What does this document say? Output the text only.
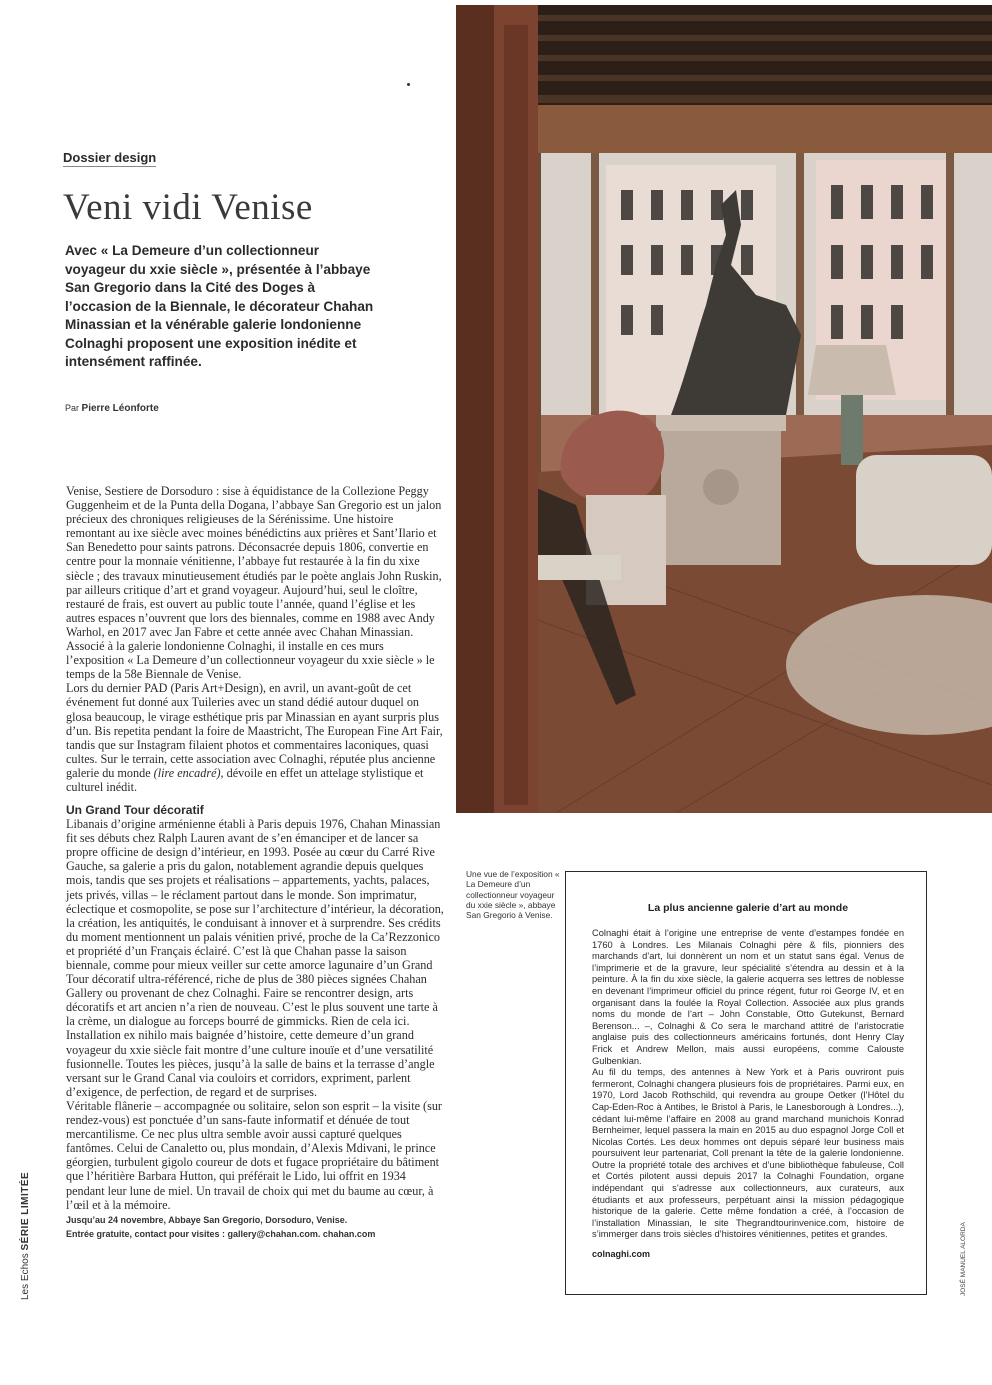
Dossier design
Veni vidi Venise
Avec « La Demeure d’un collectionneur voyageur du xxie siècle », présentée à l’abbaye San Gregorio dans la Cité des Doges à l’occasion de la Biennale, le décorateur Chahan Minassian et la vénérable galerie londonienne Colnaghi proposent une exposition inédite et intensément raffinée.
Par Pierre Léonforte

Venise, Sestiere de Dorsoduro : sise à équidistance de la Collezione Peggy Guggenheim et de la Punta della Dogana, l’abbaye San Gregorio est un jalon précieux des chroniques religieuses de la Sérénissime. Une histoire remontant au ixe siècle avec moines bénédictins aux prières et Sant’Ilario et San Benedetto pour saints patrons. Déconsacrée depuis 1806, convertie en centre pour la monnaie vénitienne, l’abbaye fut restaurée à la fin du xixe siècle ; des travaux minutieusement étudiés par le poète anglais John Ruskin, par ailleurs critique d’art et grand voyageur. Aujourd’hui, seul le cloître, restauré de frais, est ouvert au public toute l’année, quand l’église et les autres espaces n’ouvrent que lors des biennales, comme en 1988 avec Andy Warhol, en 2017 avec Jan Fabre et cette année avec Chahan Minassian. Associé à la galerie londonienne Colnaghi, il installe en ces murs l’exposition « La Demeure d’un collectionneur voyageur du xxie siècle » le temps de la 58e Biennale de Venise.

Lors du dernier PAD (Paris Art+Design), en avril, un avant-goût de cet événement fut donné aux Tuileries avec un stand dédié autour duquel on glosa beaucoup, le virage esthétique pris par Minassian en ayant surpris plus d’un. Bis repetita pendant la foire de Maastricht, The European Fine Art Fair, tandis que sur Instagram filaient photos et commentaires laconiques, quasi cultes. Sur le terrain, cette association avec Colnaghi, réputée plus ancienne galerie du monde (lire encadré), dévoile en effet un attelage stylistique et culturel inédit.

Un Grand Tour décoratif

Libanais d’origine arménienne établi à Paris depuis 1976, Chahan Minassian fit ses débuts chez Ralph Lauren avant de s’en émanciper et de lancer sa propre officine de design d’intérieur, en 1993. Posée au cœur du Carré Rive Gauche, sa galerie a pris du galon, notablement agrandie depuis quelques mois, tandis que ses projets et réalisations – appartements, yachts, palaces, jets privés, villas – le réclament partout dans le monde. Son imprimatur, éclectique et cosmopolite, se pose sur l’architecture d’intérieur, la décoration, la création, les antiquités, le conduisant à innover et à surprendre. Ses crédits du moment mentionnent un palais vénitien privé, proche de la Ca’Rezzonico et propriété d’un Français éclairé. C’est là que Chahan passe la saison biennale, comme pour mieux veiller sur cette amorce lagunaire d’un Grand Tour décoratif ultra-référencé, riche de plus de 380 pièces signées Chahan Gallery ou provenant de chez Colnaghi. Faire se rencontrer design, arts décoratifs et art ancien n’a rien de nouveau. C’est le plus souvent une tarte à la crème, un dialogue au forceps bourré de gimmicks. Rien de cela ici. Installation ex nihilo mais baignée d’histoire, cette demeure d’un grand voyageur du xxie siècle fait montre d’une culture inouïe et d’une versatilité fusionnelle. Toutes les pièces, jusqu’à la salle de bains et la terrasse d’angle versant sur le Grand Canal via couloirs et corridors, expriment, parlent d’exigence, de perfection, de regard et de surprises.

Véritable flânerie – accompagnée ou solitaire, selon son esprit – la visite (sur rendez-vous) est ponctuée d’un sans-faute informatif et dénuée de tout mercantilisme. Ce nec plus ultra semble avoir aussi capturé quelques fantômes. Celui de Canaletto ou, plus mondain, d’Alexis Mdivani, le prince géorgien, turbulent gigolo coureur de dots et fugace propriétaire du bâtiment que l’héritière Barbara Hutton, qui préférait le Lido, lui offrit en 1934 pendant leur lune de miel. Un travail de choix qui met du baume au cœur, à l’œil et à la mémoire.

Jusqu’au 24 novembre, Abbaye San Gregorio, Dorsoduro, Venise.

Entrée gratuite, contact pour visites : gallery@chahan.com. chahan.com

Une vue de l’exposition « La Demeure d’un collectionneur voyageur du xxie siècle », abbaye San Gregorio à Venise.

La plus ancienne galerie d’art au monde

Colnaghi était à l’origine une entreprise de vente d’estampes fondée en 1760 à Londres. Les Milanais Colnaghi père & fils, pionniers des marchands d’art, lui donnèrent un nom et un statut sans égal. Venus de l’imprimerie et de la gravure, leur spécialité s’étendra au dessin et à la peinture. À la fin du xixe siècle, la galerie acquerra ses lettres de noblesse en devenant l’imprimeur officiel du prince régent, futur roi George IV, et en organisant dans la foulée la Royal Collection. Associée aux plus grands noms du monde de l’art – John Constable, Otto Gutekunst, Bernard Berenson... –, Colnaghi & Co sera le marchand attitré de l’aristocratie anglaise puis des collectionneurs américains fortunés, dont Henry Clay Frick et Andrew Mellon, mais aussi européens, comme Calouste Gulbenkian.

Au fil du temps, des antennes à New York et à Paris ouvriront puis fermeront, Colnaghi changera plusieurs fois de propriétaires. Parmi eux, en 1970, Lord Jacob Rothschild, qui revendra au groupe Oetker (l’Hôtel du Cap-Eden-Roc à Antibes, le Bristol à Paris, le Lanesborough à Londres...), cédant lui-même l’affaire en 2008 au grand marchand munichois Konrad Bernheimer, lequel passera la main en 2015 au duo espagnol Jorge Coll et Nicolas Cortés. Les deux hommes ont depuis séparé leur business mais poursuivent leur partenariat, Coll prenant la tête de la galerie londonienne. Outre la propriété totale des archives et d’une bibliothèque fabuleuse, Coll et Cortés pilotent aussi depuis 2017 la Colnaghi Foundation, organe indépendant qui s’adresse aux collectionneurs, aux curateurs, aux étudiants et aux professeurs, perpétuant ainsi la mission pédagogique historique de la galerie. Cette même fondation a créé, à l’occasion de l’installation Minassian, le site Thegrandtourinvenice.com, histoire de s’immerger dans trois siècles d’histoires vénitiennes, petites et grandes.

colnaghi.com
Les Echos SÉRIE LIMITÉE
JOSÉ MANUEL ALORDA
